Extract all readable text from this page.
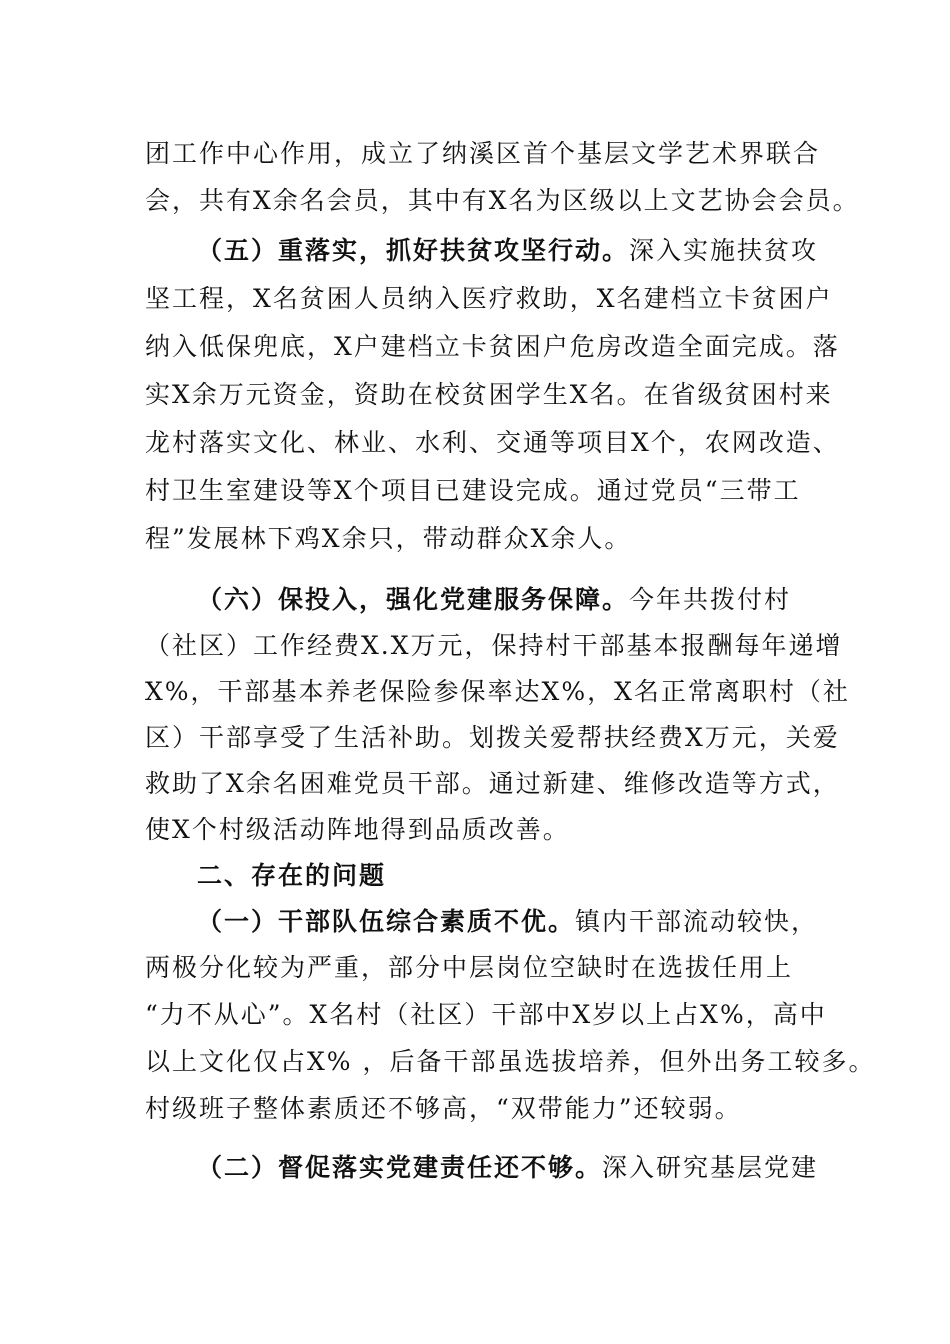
团工作中心作用，成立了纳溪区首个基层文学艺术界联合
会，共有X余名会员，其中有X名为区级以上文艺协会会员。
（五）重落实，抓好扶贫攻坚行动。深入实施扶贫攻
坚工程，X名贫困人员纳入医疗救助，X名建档立卡贫困户
纳入低保兜底，X户建档立卡贫困户危房改造全面完成。落
实X余万元资金，资助在校贫困学生X名。在省级贫困村来
龙村落实文化、林业、水利、交通等项目X个，农网改造、
村卫生室建设等X个项目已建设完成。通过党员“三带工
程”发展林下鸡X余只，带动群众X余人。
（六）保投入，强化党建服务保障。今年共拨付村
（社区）工作经费X.X万元，保持村干部基本报酬每年递增
X%，干部基本养老保险参保率达X%，X名正常离职村（社
区）干部享受了生活补助。划拨关爱帮扶经费X万元，关爱
救助了X余名困难党员干部。通过新建、维修改造等方式，
使X个村级活动阵地得到品质改善。
二、存在的问题
（一）干部队伍综合素质不优。镇内干部流动较快，
两极分化较为严重，部分中层岗位空缺时在选拔任用上
“力不从心”。X名村（社区）干部中X岁以上占X%，高中
以上文化仅占X% ，后备干部虽选拔培养，但外出务工较多。
村级班子整体素质还不够高，“双带能力”还较弱。
（二）督促落实党建责任还不够。深入研究基层党建
